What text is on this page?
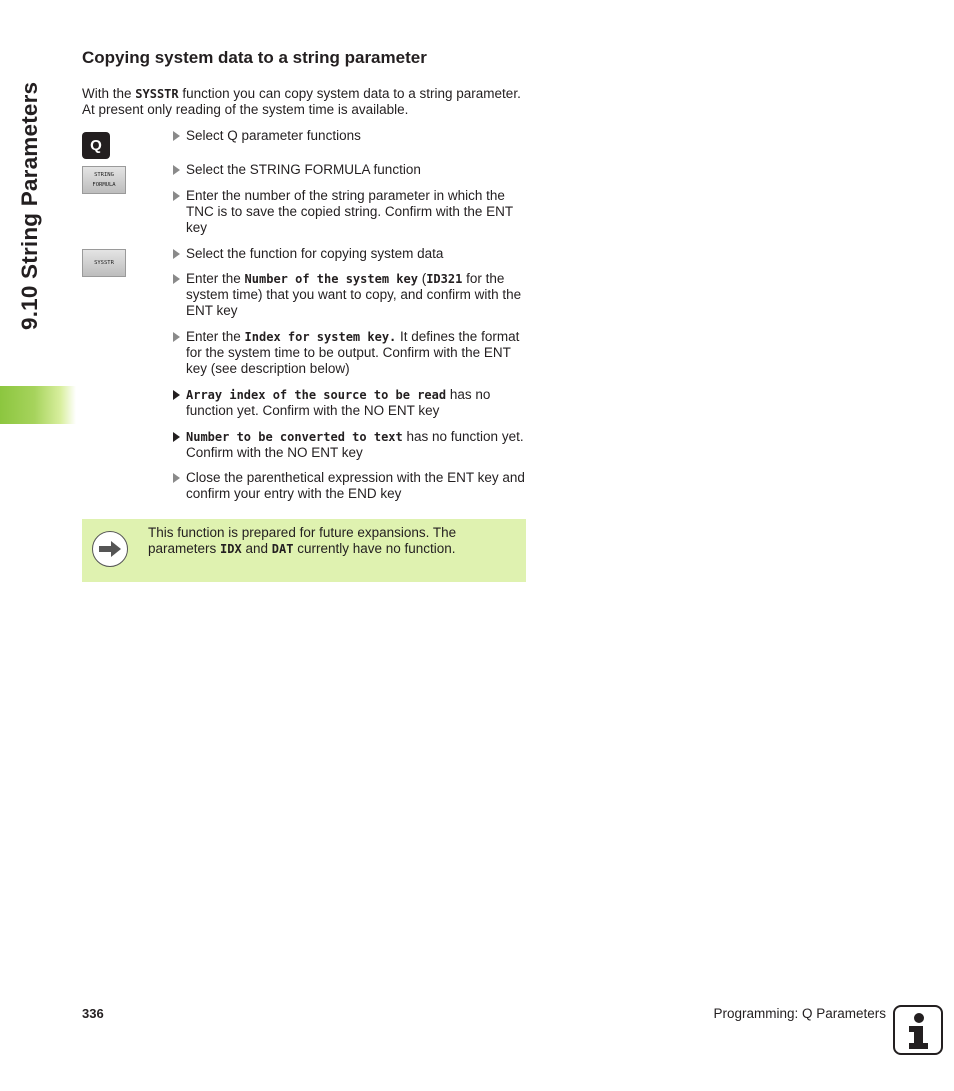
9.10 String Parameters
Copying system data to a string parameter

With the SYSSTR function you can copy system data to a string parameter. At present only reading of the system time is available.

Q
STRING
FORMULA
SYSSTR
Select Q parameter functions
Select the STRING FORMULA function
Enter the number of the string parameter in which the TNC is to save the copied string. Confirm with the ENT key
Select the function for copying system data
Enter the Number of the system key (ID321 for the system time) that you want to copy, and confirm with the ENT key
Enter the Index for system key. It defines the format for the system time to be output. Confirm with the ENT key (see description below)
Array index of the source to be read has no function yet. Confirm with the NO ENT key
Number to be converted to text has no function yet. Confirm with the NO ENT key
Close the parenthetical expression with the ENT key and confirm your entry with the END key
This function is prepared for future expansions. The parameters IDX and DAT currently have no function.
336	Programming: Q Parameters
